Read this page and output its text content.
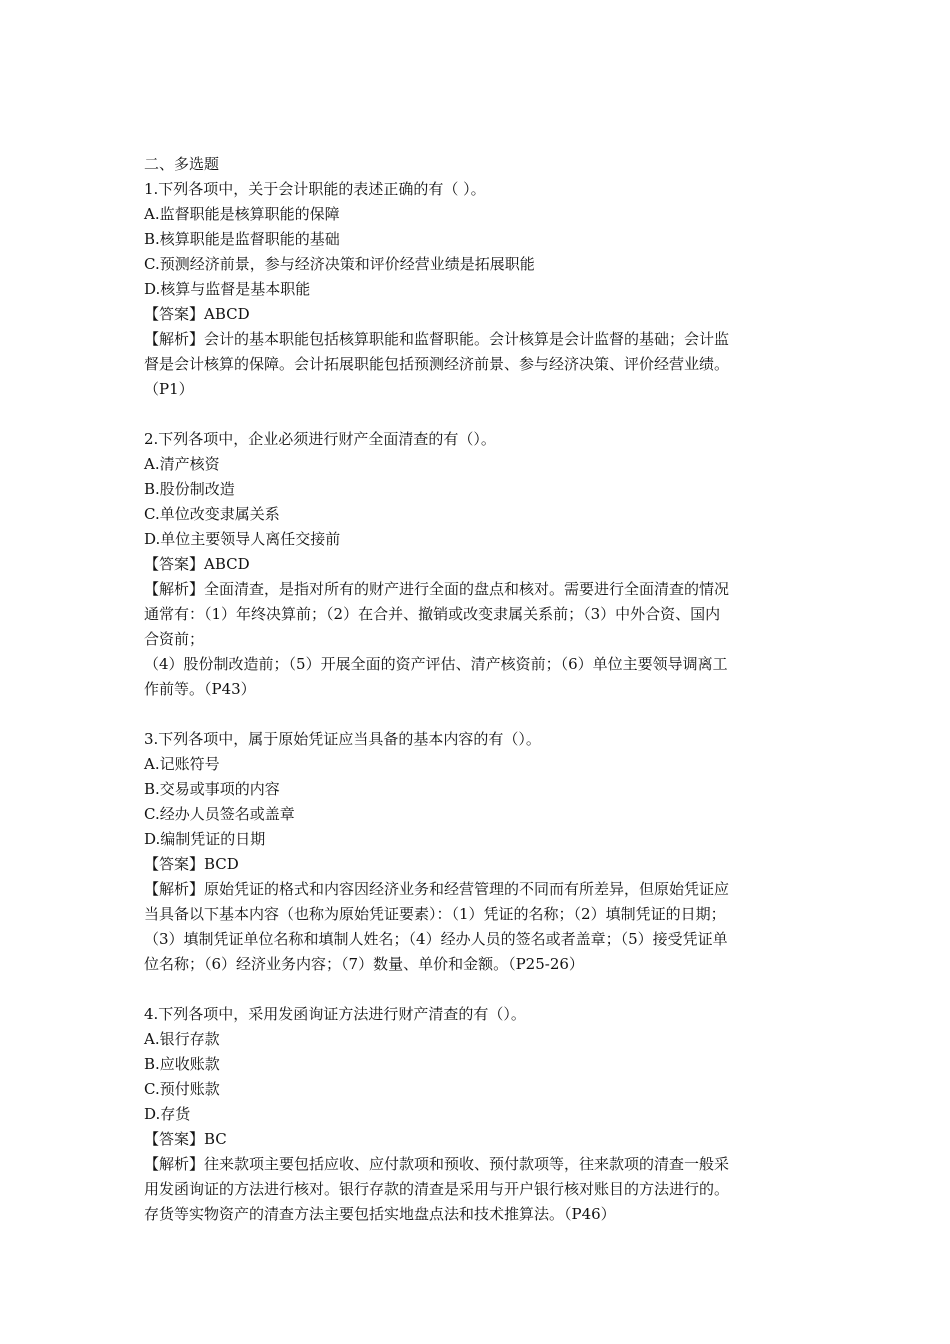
二、多选题
1.下列各项中，关于会计职能的表述正确的有（ ）。
A.监督职能是核算职能的保障
B.核算职能是监督职能的基础
C.预测经济前景，参与经济决策和评价经营业绩是拓展职能
D.核算与监督是基本职能
【答案】ABCD
【解析】会计的基本职能包括核算职能和监督职能。会计核算是会计监督的基础；会计监
督是会计核算的保障。会计拓展职能包括预测经济前景、参与经济决策、评价经营业绩。
（P1）
2.下列各项中，企业必须进行财产全面清查的有（）。
A.清产核资
B.股份制改造
C.单位改变隶属关系
D.单位主要领导人离任交接前
【答案】ABCD
【解析】全面清查，是指对所有的财产进行全面的盘点和核对。需要进行全面清查的情况
通常有：（1）年终决算前；（2）在合并、撤销或改变隶属关系前；（3）中外合资、国内
合资前；
（4）股份制改造前；（5）开展全面的资产评估、清产核资前；（6）单位主要领导调离工
作前等。（P43）
3.下列各项中，属于原始凭证应当具备的基本内容的有（）。
A.记账符号
B.交易或事项的内容
C.经办人员签名或盖章
D.编制凭证的日期
【答案】BCD
【解析】原始凭证的格式和内容因经济业务和经营管理的不同而有所差异，但原始凭证应
当具备以下基本内容（也称为原始凭证要素）：（1）凭证的名称；（2）填制凭证的日期；
（3）填制凭证单位名称和填制人姓名；（4）经办人员的签名或者盖章；（5）接受凭证单
位名称；（6）经济业务内容；（7）数量、单价和金额。（P25-26）
4.下列各项中，采用发函询证方法进行财产清查的有（）。
A.银行存款
B.应收账款
C.预付账款
D.存货
【答案】BC
【解析】往来款项主要包括应收、应付款项和预收、预付款项等，往来款项的清查一般采
用发函询证的方法进行核对。银行存款的清查是采用与开户银行核对账目的方法进行的。
存货等实物资产的清查方法主要包括实地盘点法和技术推算法。（P46）
